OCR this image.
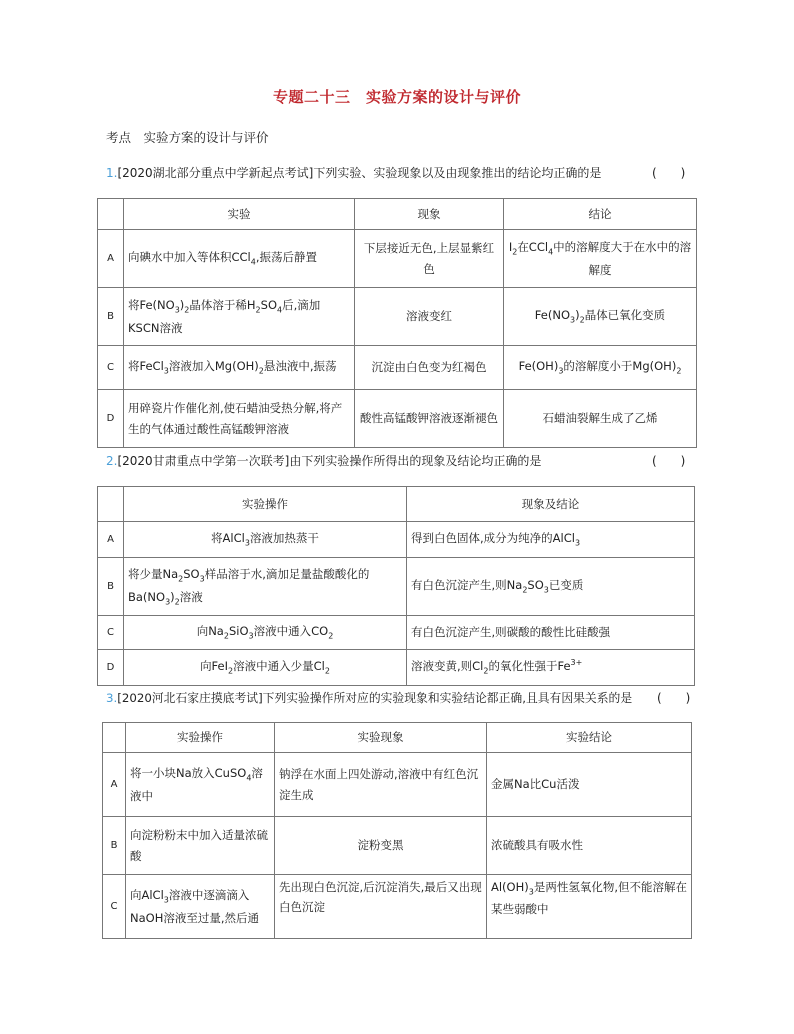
专题二十三　实验方案的设计与评价
考点　实验方案的设计与评价
1.[2020湖北部分重点中学新起点考试]下列实验、实验现象以及由现象推出的结论均正确的是	(　　)
	实验	现象	结论
A	向碘水中加入等体积CCl$_4$,振荡后静置	下层接近无色,上层显紫红色	$I_2$在CCl$_4$中的溶解度大于在水中的溶解度
B	将$Fe(NO_3)_2$晶体溶于稀$H_2SO_4$后,滴加KSCN溶液	溶液变红	$Fe(NO_3)_2$晶体已氧化变质
C	将FeCl$_3$溶液加入$Mg(OH)_2$悬浊液中,振荡	沉淀由白色变为红褐色	$Fe(OH)_3$的溶解度小于$Mg(OH)_2$
D	用碎瓷片作催化剂,使石蜡油受热分解,将产生的气体通过酸性高锰酸钾溶液	酸性高锰酸钾溶液逐渐褪色	石蜡油裂解生成了乙烯
2.[2020甘肃重点中学第一次联考]由下列实验操作所得出的现象及结论均正确的是	(　　)
	实验操作	现象及结论
A	将AlCl$_3$溶液加热蒸干	得到白色固体,成分为纯净的AlCl$_3$
B	将少量$Na_2SO_3$样品溶于水,滴加足量盐酸酸化的$Ba(NO_3)_2$溶液	有白色沉淀产生,则$Na_2SO_3$已变质
C	向$Na_2SiO_3$溶液中通入$CO_2$	有白色沉淀产生,则碳酸的酸性比硅酸强
D	向FeI$_2$溶液中通入少量$Cl_2$	溶液变黄,则$Cl_2$的氧化性强于$Fe^{3+}$
3.[2020河北石家庄摸底考试]下列实验操作所对应的实验现象和实验结论都正确,且具有因果关系的是 (　　)
	实验操作	实验现象	实验结论
A	将一小块Na放入CuSO$_4$溶液中	钠浮在水面上四处游动,溶液中有红色沉淀生成	金属Na比Cu活泼
B	向淀粉粉末中加入适量浓硫酸	淀粉变黑	浓硫酸具有吸水性
C	向AlCl$_3$溶液中逐滴滴入NaOH溶液至过量,然后通	先出现白色沉淀,后沉淀消失,最后又出现白色沉淀	$Al(OH)_3$是两性氢氧化物,但不能溶解在某些弱酸中
